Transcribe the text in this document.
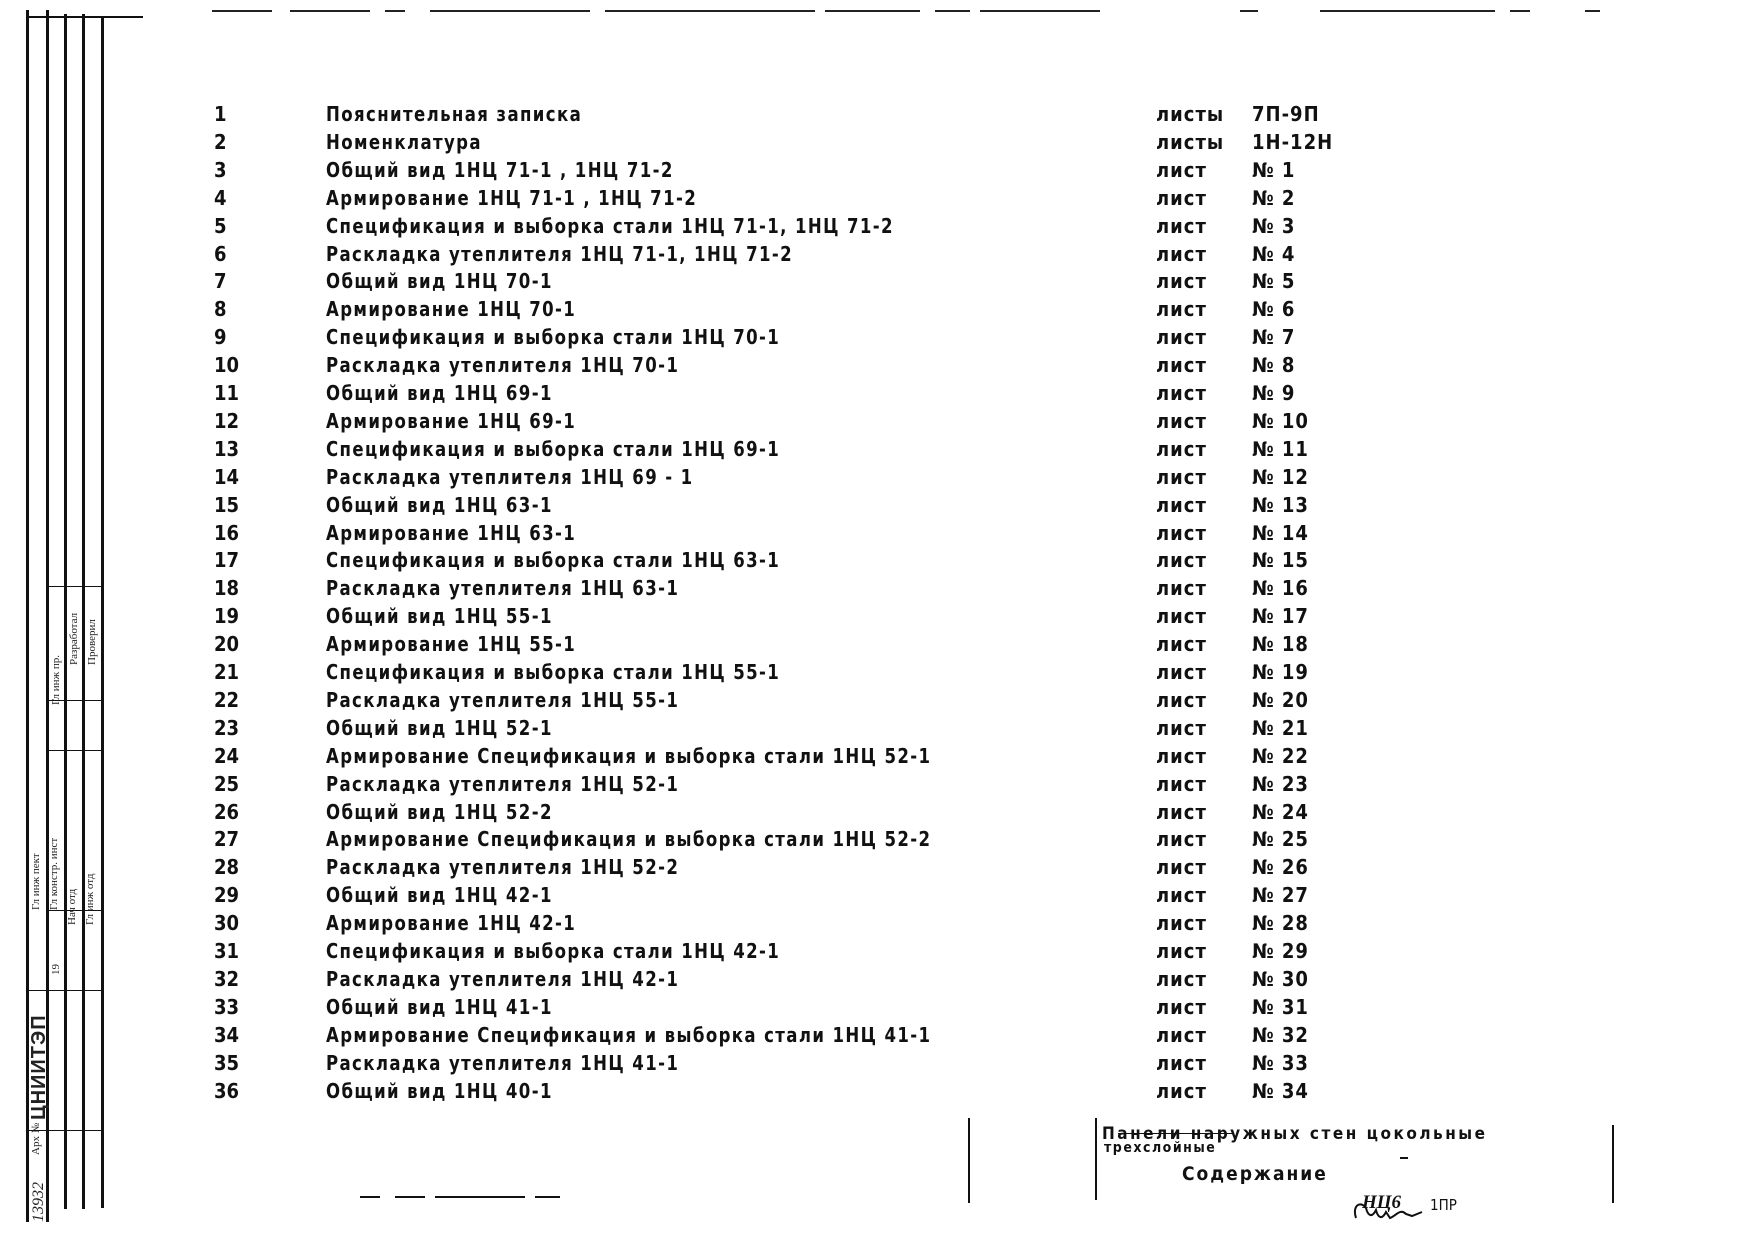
Гл инж пр.
Разработал Проверил
Гл инж пект Гл констр. инст Нач отд Гл инж отд
19
ЦНИИТЭП
Арх №
13932
1	Пояснительная записка	листы 7П-9П
2	Номенклатура	листы 1Н-12Н
3	Общий вид 1НЦ 71-1 , 1НЦ 71-2	лист № 1
4	Армирование 1НЦ 71-1 , 1НЦ 71-2	лист № 2
5	Спецификация и выборка стали 1НЦ 71-1, 1НЦ 71-2	лист № 3
6	Раскладка утеплителя 1НЦ 71-1, 1НЦ 71-2	лист № 4
7	Общий вид 1НЦ 70-1	лист № 5
8	Армирование 1НЦ 70-1	лист № 6
9	Спецификация и выборка стали 1НЦ 70-1	лист № 7
10	Раскладка утеплителя 1НЦ 70-1	лист № 8
11	Общий вид 1НЦ 69-1	лист № 9
12	Армирование 1НЦ 69-1	лист № 10
13	Спецификация и выборка стали 1НЦ 69-1	лист № 11
14	Раскладка утеплителя 1НЦ 69 - 1	лист № 12
15	Общий вид 1НЦ 63-1	лист № 13
16	Армирование 1НЦ 63-1	лист № 14
17	Спецификация и выборка стали 1НЦ 63-1	лист № 15
18	Раскладка утеплителя 1НЦ 63-1	лист № 16
19	Общий вид 1НЦ 55-1	лист № 17
20	Армирование 1НЦ 55-1	лист № 18
21	Спецификация и выборка стали 1НЦ 55-1	лист № 19
22	Раскладка утеплителя 1НЦ 55-1	лист № 20
23	Общий вид 1НЦ 52-1	лист № 21
24	Армирование Спецификация и выборка стали 1НЦ 52-1	лист № 22
25	Раскладка утеплителя 1НЦ 52-1	лист № 23
26	Общий вид 1НЦ 52-2	лист № 24
27	Армирование Спецификация и выборка стали 1НЦ 52-2	лист № 25
28	Раскладка утеплителя 1НЦ 52-2	лист № 26
29	Общий вид 1НЦ 42-1	лист № 27
30	Армирование 1НЦ 42-1	лист № 28
31	Спецификация и выборка стали 1НЦ 42-1	лист № 29
32	Раскладка утеплителя 1НЦ 42-1	лист № 30
33	Общий вид 1НЦ 41-1	лист № 31
34	Армирование Спецификация и выборка стали 1НЦ 41-1	лист № 32
35	Раскладка утеплителя 1НЦ 41-1	лист № 33
36	Общий вид 1НЦ 40-1	лист № 34
Панели наружных стен цокольные
трехслойные
Содержание
НЦ6 1ПР
